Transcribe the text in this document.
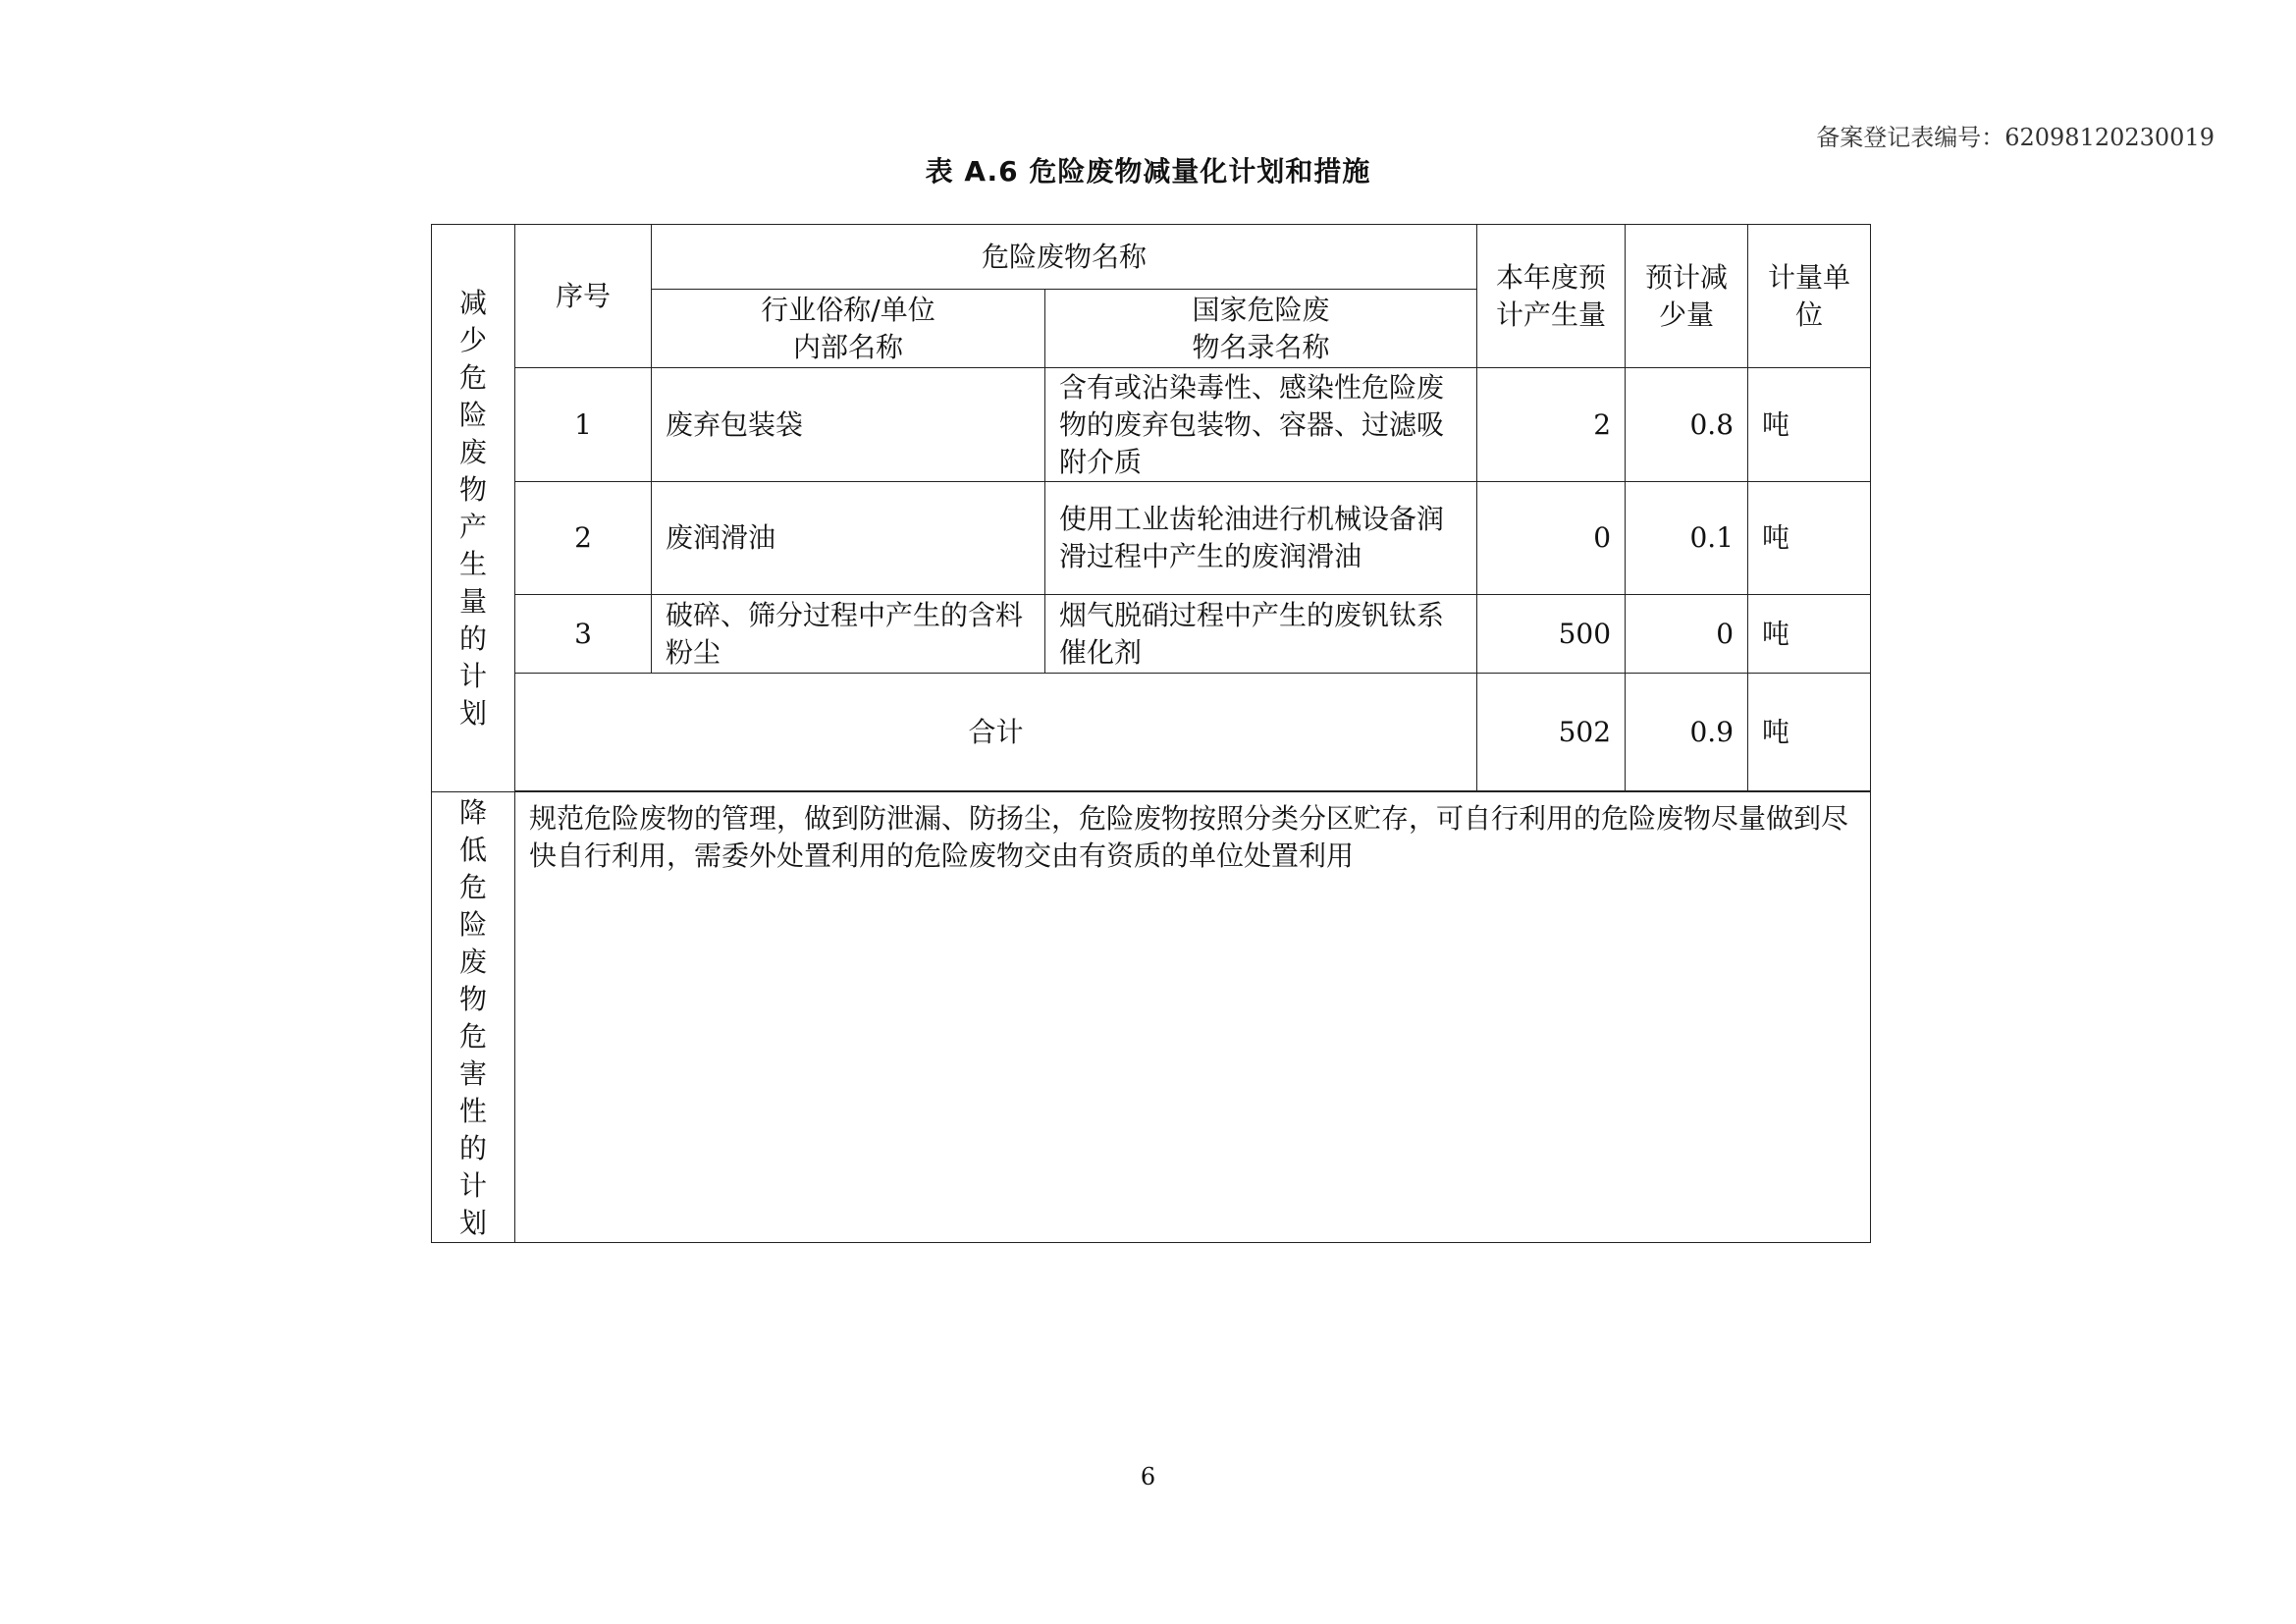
备案登记表编号：62098120230019
表 A.6 危险废物减量化计划和措施
减少危险废物产生量的计划	序号	危险废物名称		本年度预计产生量	预计减少量	计量单位
		行业俗称/单位内部名称	国家危险废物名录名称			
	1	废弃包装袋	含有或沾染毒性、感染性危险废物的废弃包装物、容器、过滤吸附介质	2	0.8	吨
	2	废润滑油	使用工业齿轮油进行机械设备润滑过程中产生的废润滑油	0	0.1	吨
	3	破碎、筛分过程中产生的含料粉尘	烟气脱硝过程中产生的废钒钛系催化剂	500	0	吨
	合计			502	0.9	吨

降低危险废物危害性的计划	规范危险废物的管理，做到防泄漏、防扬尘，危险废物按照分类分区贮存，可自行利用的危险废物尽量做到尽快自行利用，需委外处置利用的危险废物交由有资质的单位处置利用					
6
